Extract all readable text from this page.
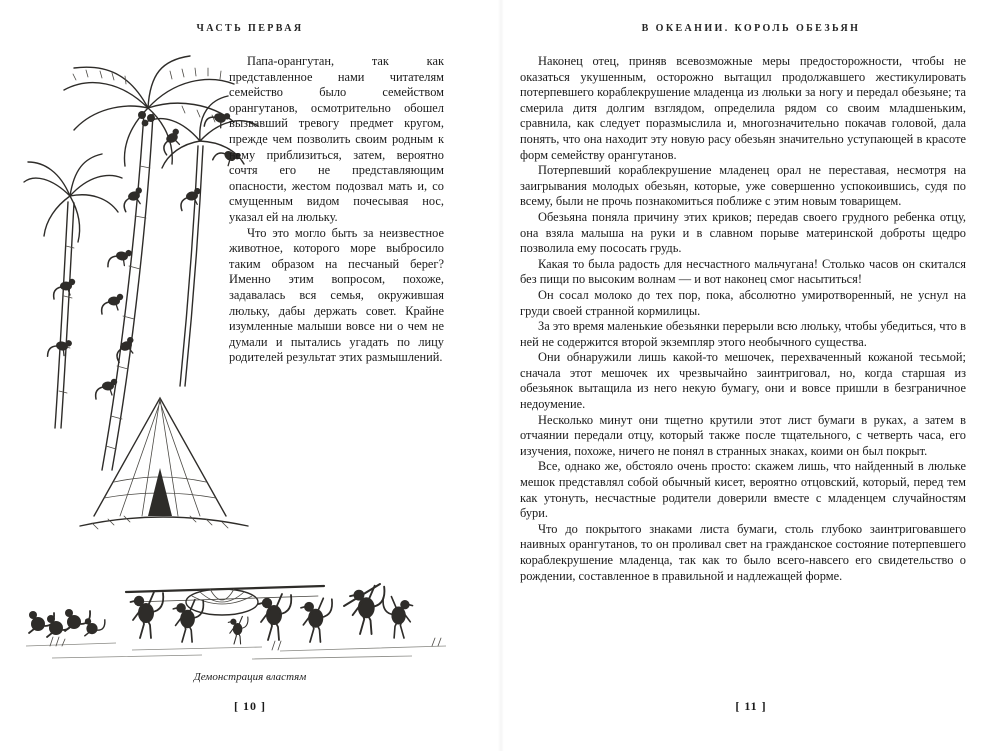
ЧАСТЬ ПЕРВАЯ

Папа-орангутан, так как представленное нами читателям семейство было семейством орангутанов, осмотрительно обошел вызвавший тревогу предмет кругом, прежде чем позволить своим родным к нему приблизиться, затем, вероятно сочтя его не представляющим опасности, жестом подозвал мать и, со смущенным видом почесывая нос, указал ей на люльку.

Что это могло быть за неизвестное животное, которого море выбросило таким образом на песчаный берег? Именно этим вопросом, похоже, задавалась вся семья, окружившая люльку, дабы держать совет. Крайне изумленные малыши вовсе ни о чем не думали и пытались угадать по лицу родителей результат этих размышлений.

Демонстрация властям
[ 10 ]
В ОКЕАНИИ. КОРОЛЬ ОБЕЗЬЯН

Наконец отец, приняв всевозможные меры предосторожности, чтобы не оказаться укушенным, осторожно вытащил продолжавшего жестикулировать потерпевшего кораблекрушение младенца из люльки за ногу и передал обезьяне; та смерила дитя долгим взглядом, определила рядом со своим младшеньким, сравнила, как следует поразмыслила и, многозначительно покачав головой, дала понять, что она находит эту новую расу обезьян значительно уступающей в красоте форм семейству орангутанов.

Потерпевший кораблекрушение младенец орал не переставая, несмотря на заигрывания молодых обезьян, которые, уже совершенно успокоившись, судя по всему, были не прочь познакомиться поближе с этим новым товарищем.

Обезьяна поняла причину этих криков; передав своего грудного ребенка отцу, она взяла малыша на руки и в славном порыве материнской доброты щедро позволила ему пососать грудь.

Какая то была радость для несчастного мальчугана! Столько часов он скитался без пищи по высоким волнам — и вот наконец смог насытиться!

Он сосал молоко до тех пор, пока, абсолютно умиротворенный, не уснул на груди своей странной кормилицы.

За это время маленькие обезьянки перерыли всю люльку, чтобы убедиться, что в ней не содержится второй экземпляр этого необычного существа.

Они обнаружили лишь какой-то мешочек, перехваченный кожаной тесьмой; сначала этот мешочек их чрезвычайно заинтриговал, но, когда старшая из обезьянок вытащила из него некую бумагу, они и вовсе пришли в безграничное недоумение.

Несколько минут они тщетно крутили этот лист бумаги в руках, а затем в отчаянии передали отцу, который также после тщательного, с четверть часа, его изучения, похоже, ничего не понял в странных знаках, коими он был покрыт.

Все, однако же, обстояло очень просто: скажем лишь, что найденный в люльке мешок представлял собой обычный кисет, вероятно отцовский, который, перед тем как утонуть, несчастные родители доверили вместе с младенцем случайностям бури.

Что до покрытого знаками листа бумаги, столь глубоко заинтриговавшего наивных орангутанов, то он проливал свет на гражданское состояние потерпевшего кораблекрушение младенца, так как то было всего-навсего его свидетельство о рождении, составленное в правильной и надлежащей форме.

[ 11 ]
